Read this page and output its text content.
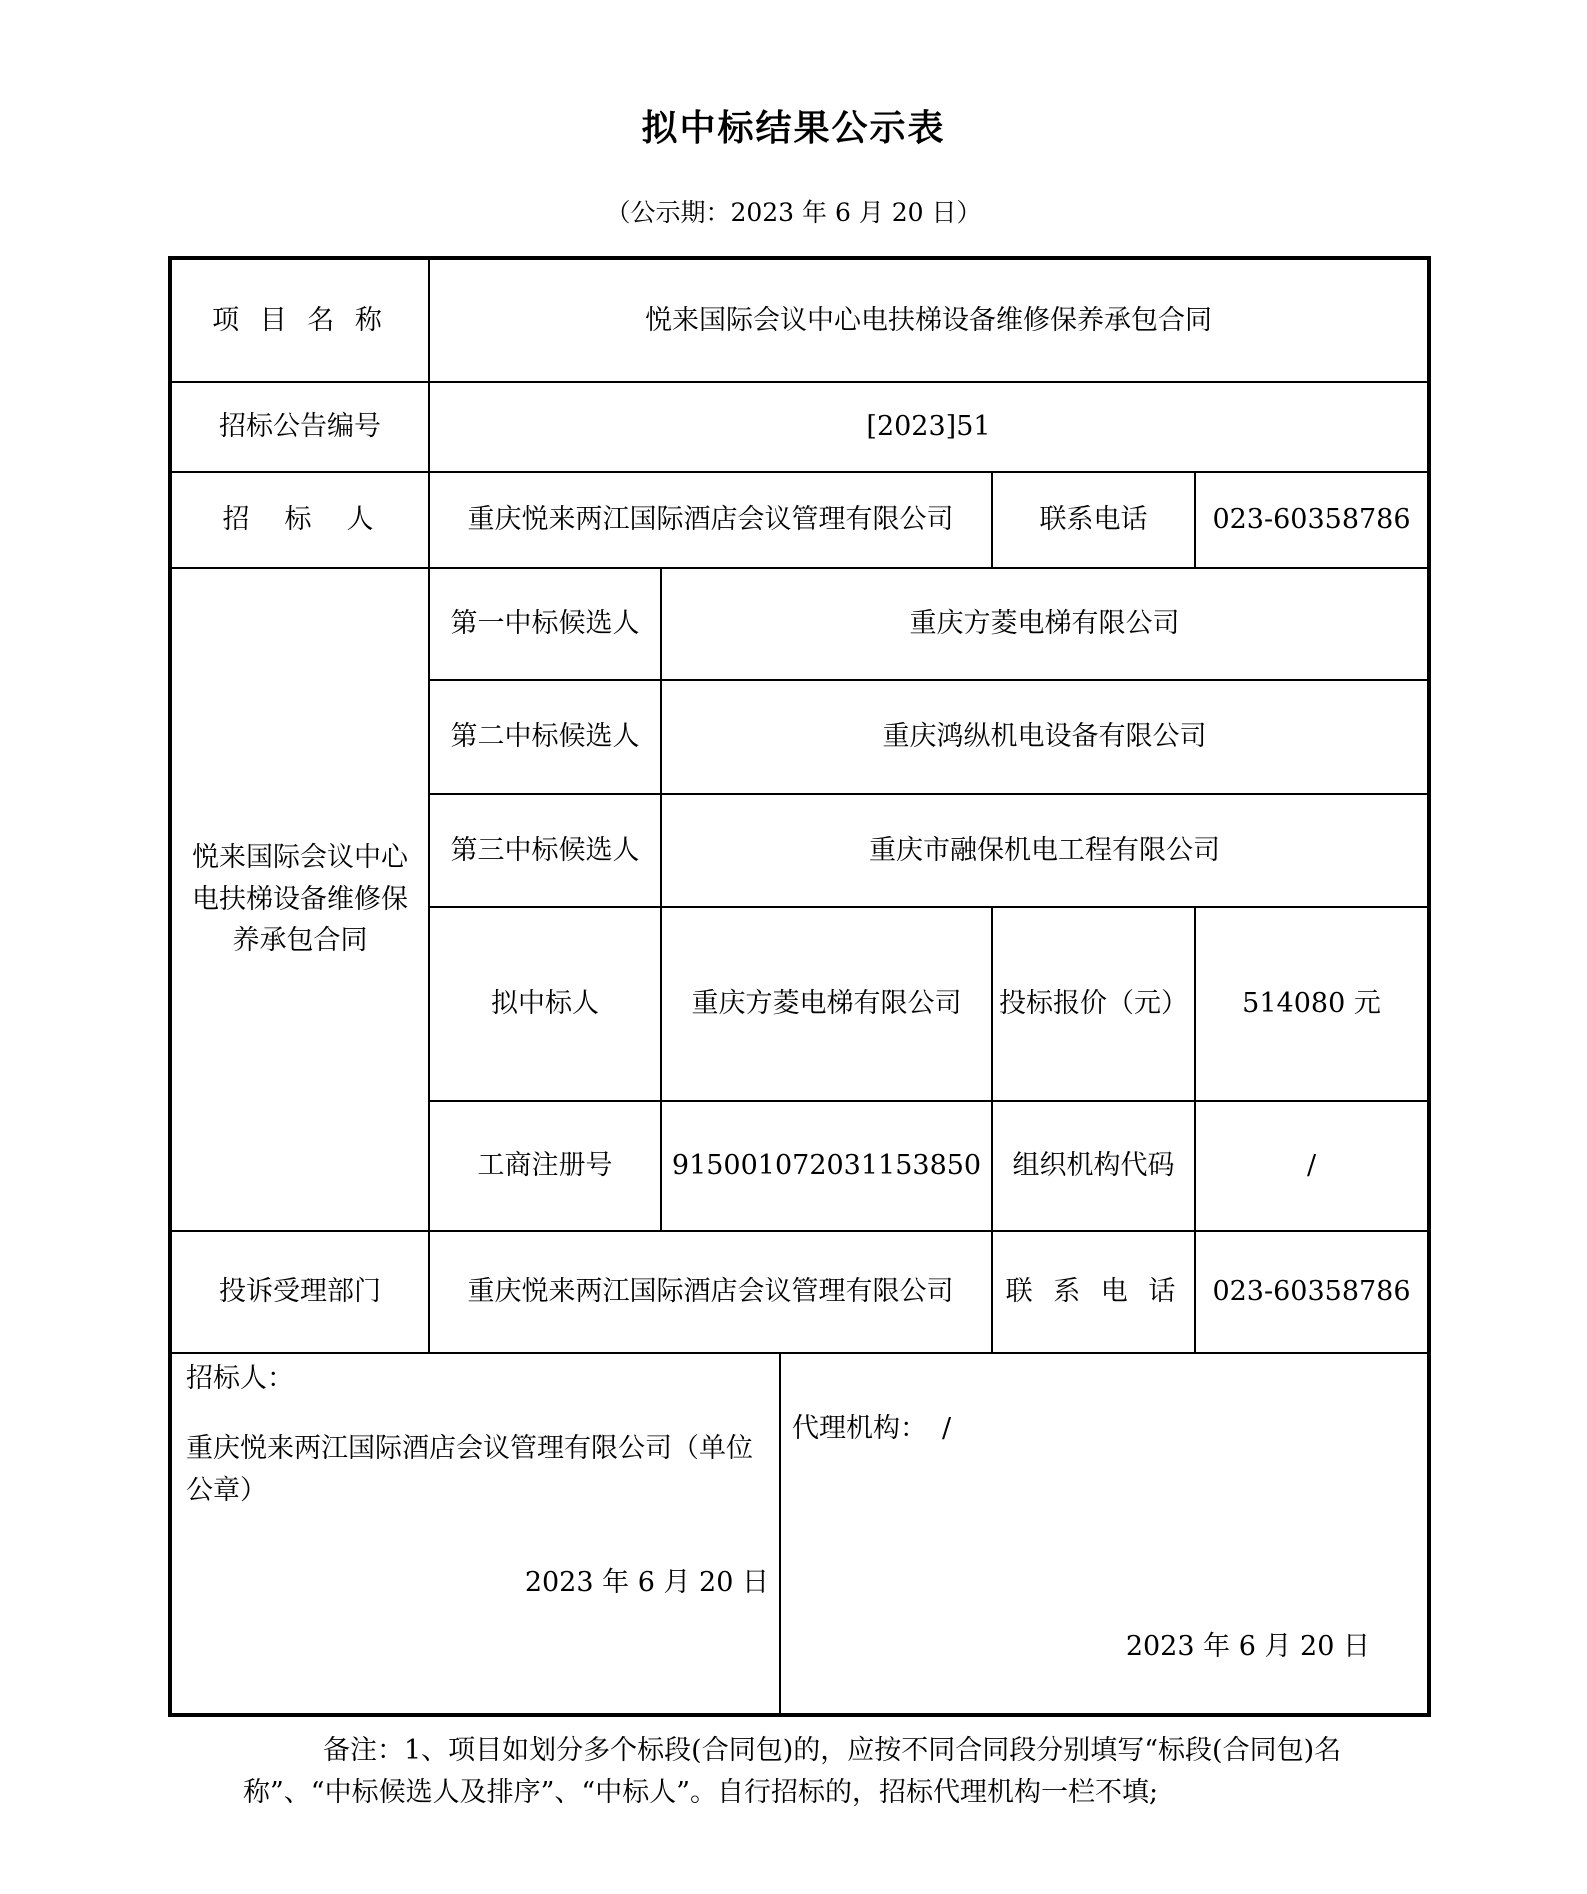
拟中标结果公示表
（公示期：2023 年 6 月 20 日）
项 目 名 称	悦来国际会议中心电扶梯设备维修保养承包合同
招标公告编号	[2023]51
招　标　人	重庆悦来两江国际酒店会议管理有限公司	联系电话	023-60358786
悦来国际会议中心电扶梯设备维修保养承包合同
第一中标候选人	重庆方菱电梯有限公司
第二中标候选人	重庆鸿纵机电设备有限公司
第三中标候选人	重庆市融保机电工程有限公司
拟中标人	重庆方菱电梯有限公司	投标报价（元）	514080 元
工商注册号	915001072031153850	组织机构代码	/
投诉受理部门	重庆悦来两江国际酒店会议管理有限公司	联 系 电 话	023-60358786
招标人：
重庆悦来两江国际酒店会议管理有限公司（单位公章）
2023 年 6 月 20 日
代理机构： /
2023 年 6 月 20 日
备注：1、项目如划分多个标段(合同包)的，应按不同合同段分别填写“标段(合同包)名称”、“中标候选人及排序”、“中标人”。自行招标的，招标代理机构一栏不填;
